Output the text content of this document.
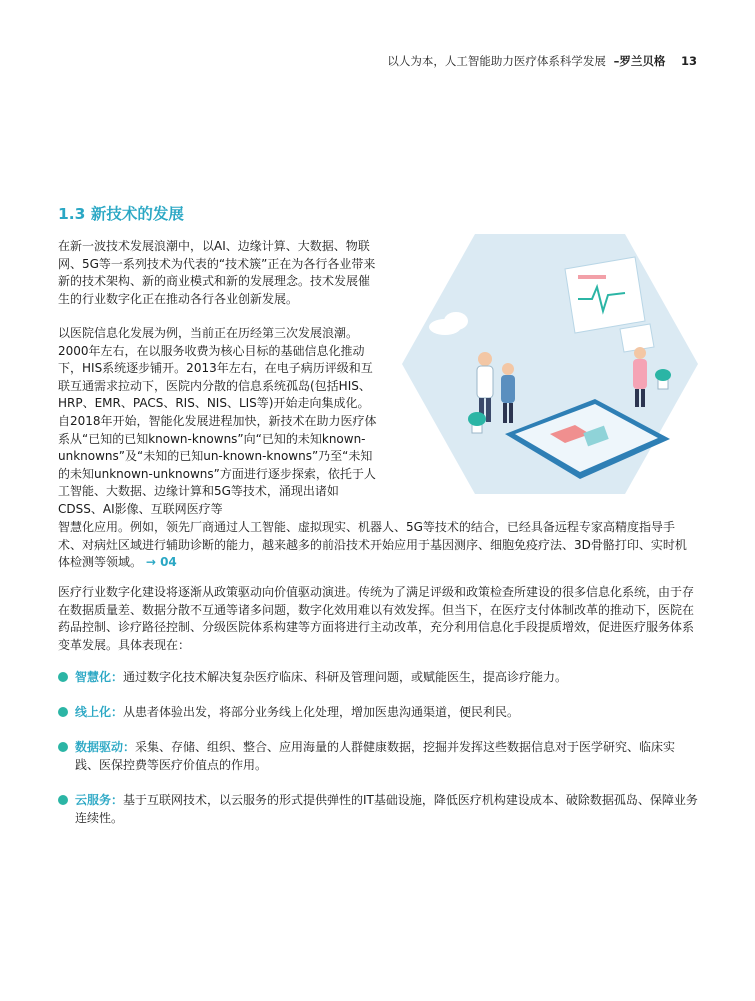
以人为本，人工智能助力医疗体系科学发展 –罗兰贝格 13
1.3 新技术的发展
在新一波技术发展浪潮中，以AI、边缘计算、大数据、物联网、5G等一系列技术为代表的“技术簇”正在为各行各业带来新的技术架构、新的商业模式和新的发展理念。技术发展催生的行业数字化正在推动各行各业创新发展。
以医院信息化发展为例，当前正在历经第三次发展浪潮。2000年左右，在以服务收费为核心目标的基础信息化推动下，HIS系统逐步铺开。2013年左右，在电子病历评级和互联互通需求拉动下，医院内分散的信息系统孤岛(包括HIS、HRP、EMR、PACS、RIS、NIS、LIS等)开始走向集成化。自2018年开始，智能化发展进程加快，新技术在助力医疗体系从“已知的已知known-knowns”向“已知的未知known-unknowns”及“未知的已知un-known-knowns”乃至“未知的未知unknown-unknowns”方面进行逐步探索，依托于人工智能、大数据、边缘计算和5G等技术，涌现出诸如CDSS、AI影像、互联网医疗等
智慧化应用。例如，领先厂商通过人工智能、虚拟现实、机器人、5G等技术的结合，已经具备远程专家高精度指导手术、对病灶区域进行辅助诊断的能力，越来越多的前沿技术开始应用于基因测序、细胞免疫疗法、3D骨骼打印、实时机体检测等领域。 → 04
医疗行业数字化建设将逐渐从政策驱动向价值驱动演进。传统为了满足评级和政策检查所建设的很多信息化系统，由于存在数据质量差、数据分散不互通等诸多问题，数字化效用难以有效发挥。但当下，在医疗支付体制改革的推动下，医院在药品控制、诊疗路径控制、分级医院体系构建等方面将进行主动改革，充分利用信息化手段提质增效，促进医疗服务体系变革发展。具体表现在：
智慧化：通过数字化技术解决复杂医疗临床、科研及管理问题，或赋能医生，提高诊疗能力。
线上化：从患者体验出发，将部分业务线上化处理，增加医患沟通渠道，便民利民。
数据驱动：采集、存储、组织、整合、应用海量的人群健康数据，挖掘并发挥这些数据信息对于医学研究、临床实践、医保控费等医疗价值点的作用。
云服务：基于互联网技术，以云服务的形式提供弹性的IT基础设施，降低医疗机构建设成本、破除数据孤岛、保障业务连续性。
